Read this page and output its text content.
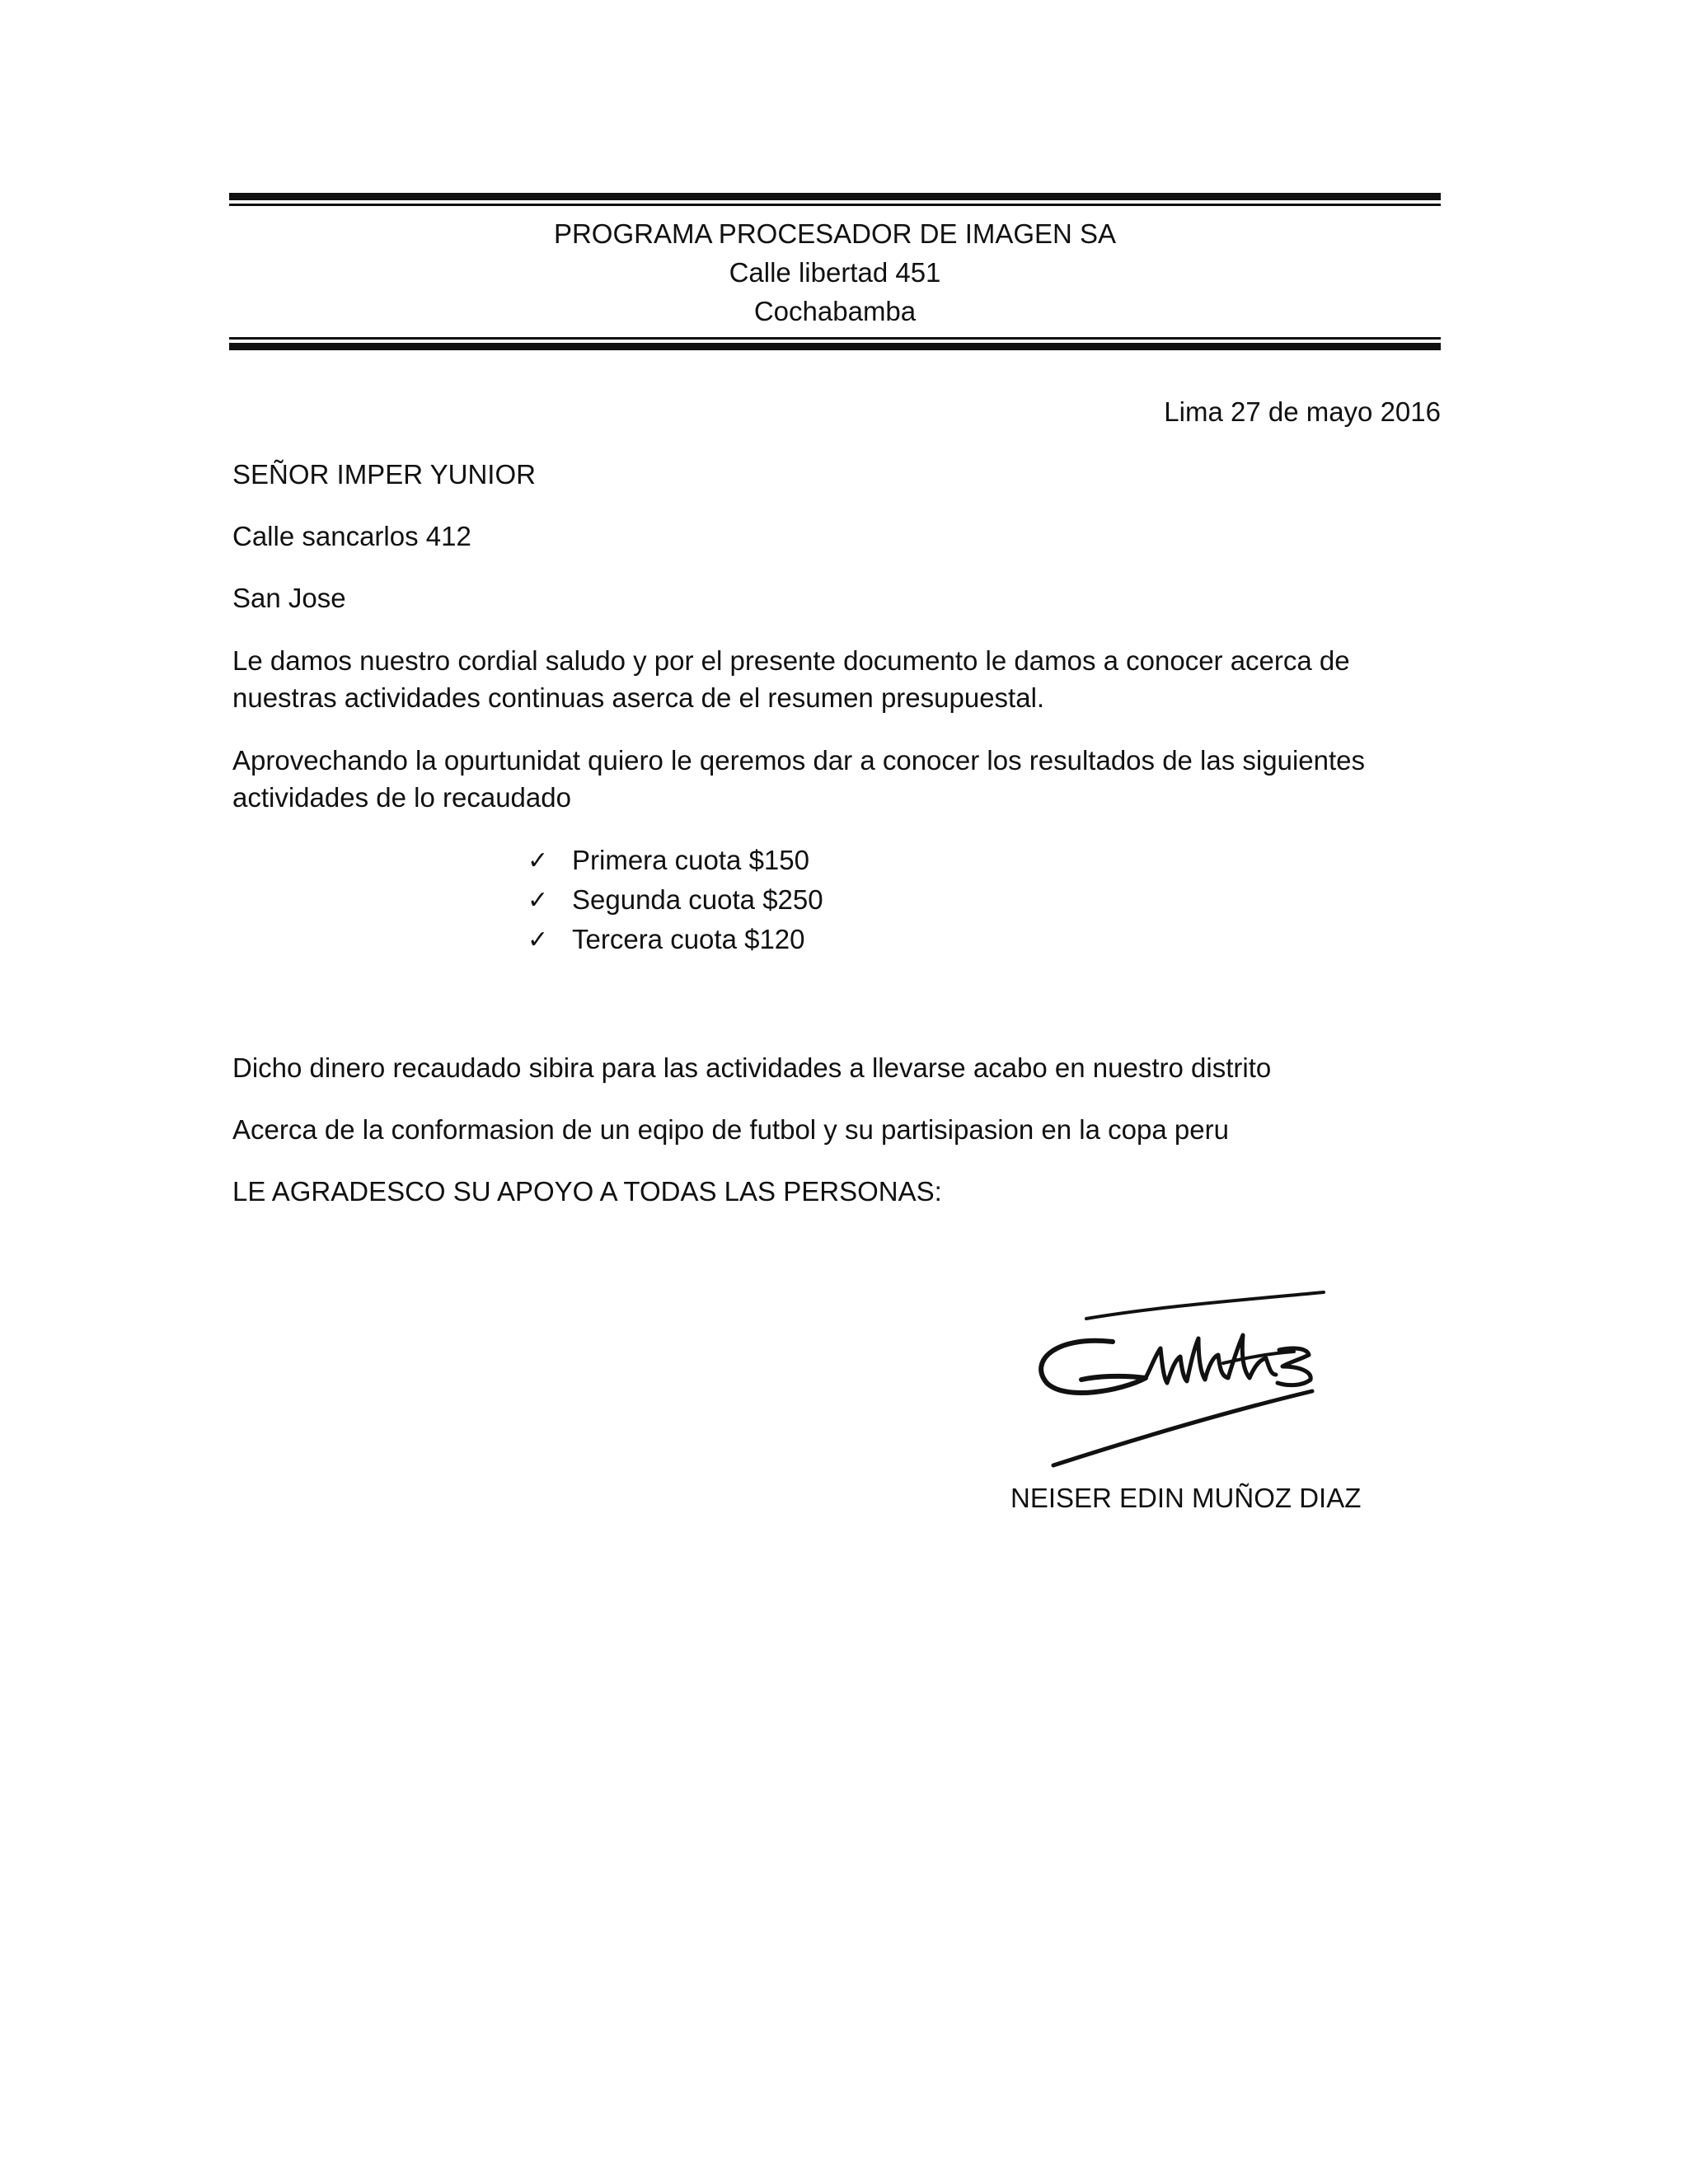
PROGRAMA PROCESADOR DE IMAGEN SA
Calle libertad 451
Cochabamba
Lima 27 de mayo 2016
SEÑOR IMPER YUNIOR
Calle sancarlos 412
San Jose
Le damos nuestro cordial saludo y por el presente documento le damos a conocer acerca de
nuestras actividades continuas aserca de el resumen presupuestal.
Aprovechando la opurtunidat quiero le qeremos dar a conocer los resultados de las siguientes
actividades de lo recaudado
✓ Primera cuota $150
✓ Segunda cuota $250
✓ Tercera cuota $120
Dicho dinero recaudado sibira para las actividades a llevarse acabo en nuestro distrito
Acerca de la conformasion de un eqipo de futbol y su partisipasion en la copa peru
LE AGRADESCO SU APOYO A TODAS LAS PERSONAS:
NEISER EDIN MUÑOZ DIAZ
